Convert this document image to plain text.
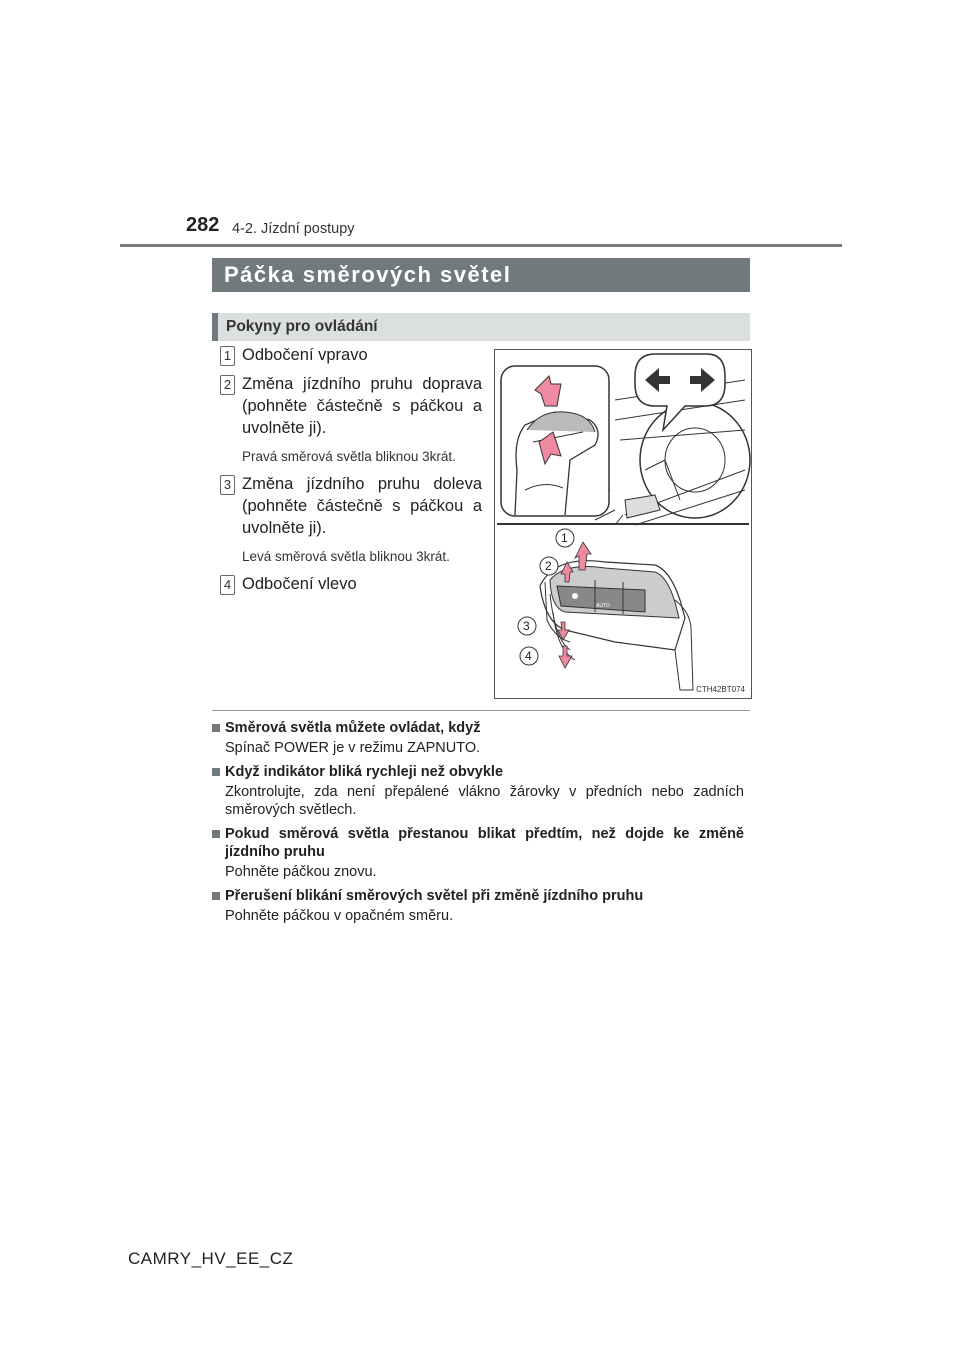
282 4-2. Jízdní postupy
Páčka směrových světel
Pokyny pro ovládání
1 Odbočení vpravo
2 Změna jízdního pruhu doprava (pohněte částečně s páčkou a uvolněte ji).
Pravá směrová světla bliknou 3krát.
3 Změna jízdního pruhu doleva (pohněte částečně s páčkou a uvolněte ji).
Levá směrová světla bliknou 3krát.
4 Odbočení vlevo
AUTO
1
2
3
4
CTH42BT074
Směrová světla můžete ovládat, když
Spínač POWER je v režimu ZAPNUTO.
Když indikátor bliká rychleji než obvykle
Zkontrolujte, zda není přepálené vlákno žárovky v předních nebo zadních směrových světlech.
Pokud směrová světla přestanou blikat předtím, než dojde ke změně jízdního pruhu
Pohněte páčkou znovu.
Přerušení blikání směrových světel při změně jízdního pruhu
Pohněte páčkou v opačném směru.
CAMRY_HV_EE_CZ
